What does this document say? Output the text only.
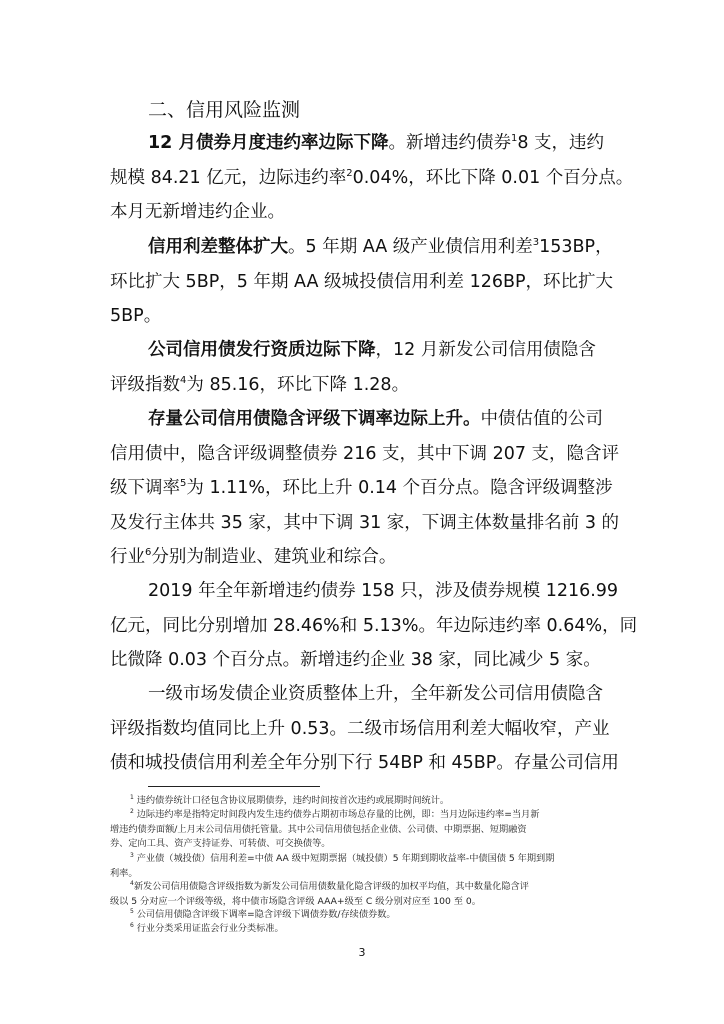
二、信用风险监测
12 月债券月度违约率边际下降。新增违约债券$^1$8 支，违约
规模 84.21 亿元，边际违约率$^2$0.04%，环比下降 0.01 个百分点。
本月无新增违约企业。
信用利差整体扩大。5 年期 AA 级产业债信用利差$^3$153BP，
环比扩大 5BP，5 年期 AA 级城投债信用利差 126BP，环比扩大
5BP。
公司信用债发行资质边际下降，12 月新发公司信用债隐含
评级指数$^4$为 85.16，环比下降 1.28。
存量公司信用债隐含评级下调率边际上升。中债估值的公司
信用债中，隐含评级调整债券 216 支，其中下调 207 支，隐含评
级下调率$^5$为 1.11%，环比上升 0.14 个百分点。隐含评级调整涉
及发行主体共 35 家，其中下调 31 家，下调主体数量排名前 3 的
行业$^6$分别为制造业、建筑业和综合。
2019 年全年新增违约债券 158 只，涉及债券规模 1216.99
亿元，同比分别增加 28.46%和 5.13%。年边际违约率 0.64%，同
比微降 0.03 个百分点。新增违约企业 38 家，同比减少 5 家。
一级市场发债企业资质整体上升，全年新发公司信用债隐含
评级指数均值同比上升 0.53。二级市场信用利差大幅收窄，产业
债和城投债信用利差全年分别下行 54BP 和 45BP。存量公司信用
$^1$ 违约债券统计口径包含协议展期债券，违约时间按首次违约或展期时间统计。
$^2$ 边际违约率是指特定时间段内发生违约债券占期初市场总存量的比例，即：当月边际违约率=当月新
增违约债券面额/上月末公司信用债托管量。其中公司信用债包括企业债、公司债、中期票据、短期融资
券、定向工具、资产支持证券、可转债、可交换债等。
$^3$ 产业债（城投债）信用利差=中债 AA 级中短期票据（城投债）5 年期到期收益率-中债国债 5 年期到期
利率。
$^4$新发公司信用债隐含评级指数为新发公司信用债数量化隐含评级的加权平均值，其中数量化隐含评
级以 5 分对应一个评级等级，将中债市场隐含评级 AAA+级至 C 级分别对应至 100 至 0。
$^5$ 公司信用债隐含评级下调率=隐含评级下调债券数/存续债券数。
$^6$ 行业分类采用证监会行业分类标准。
3
